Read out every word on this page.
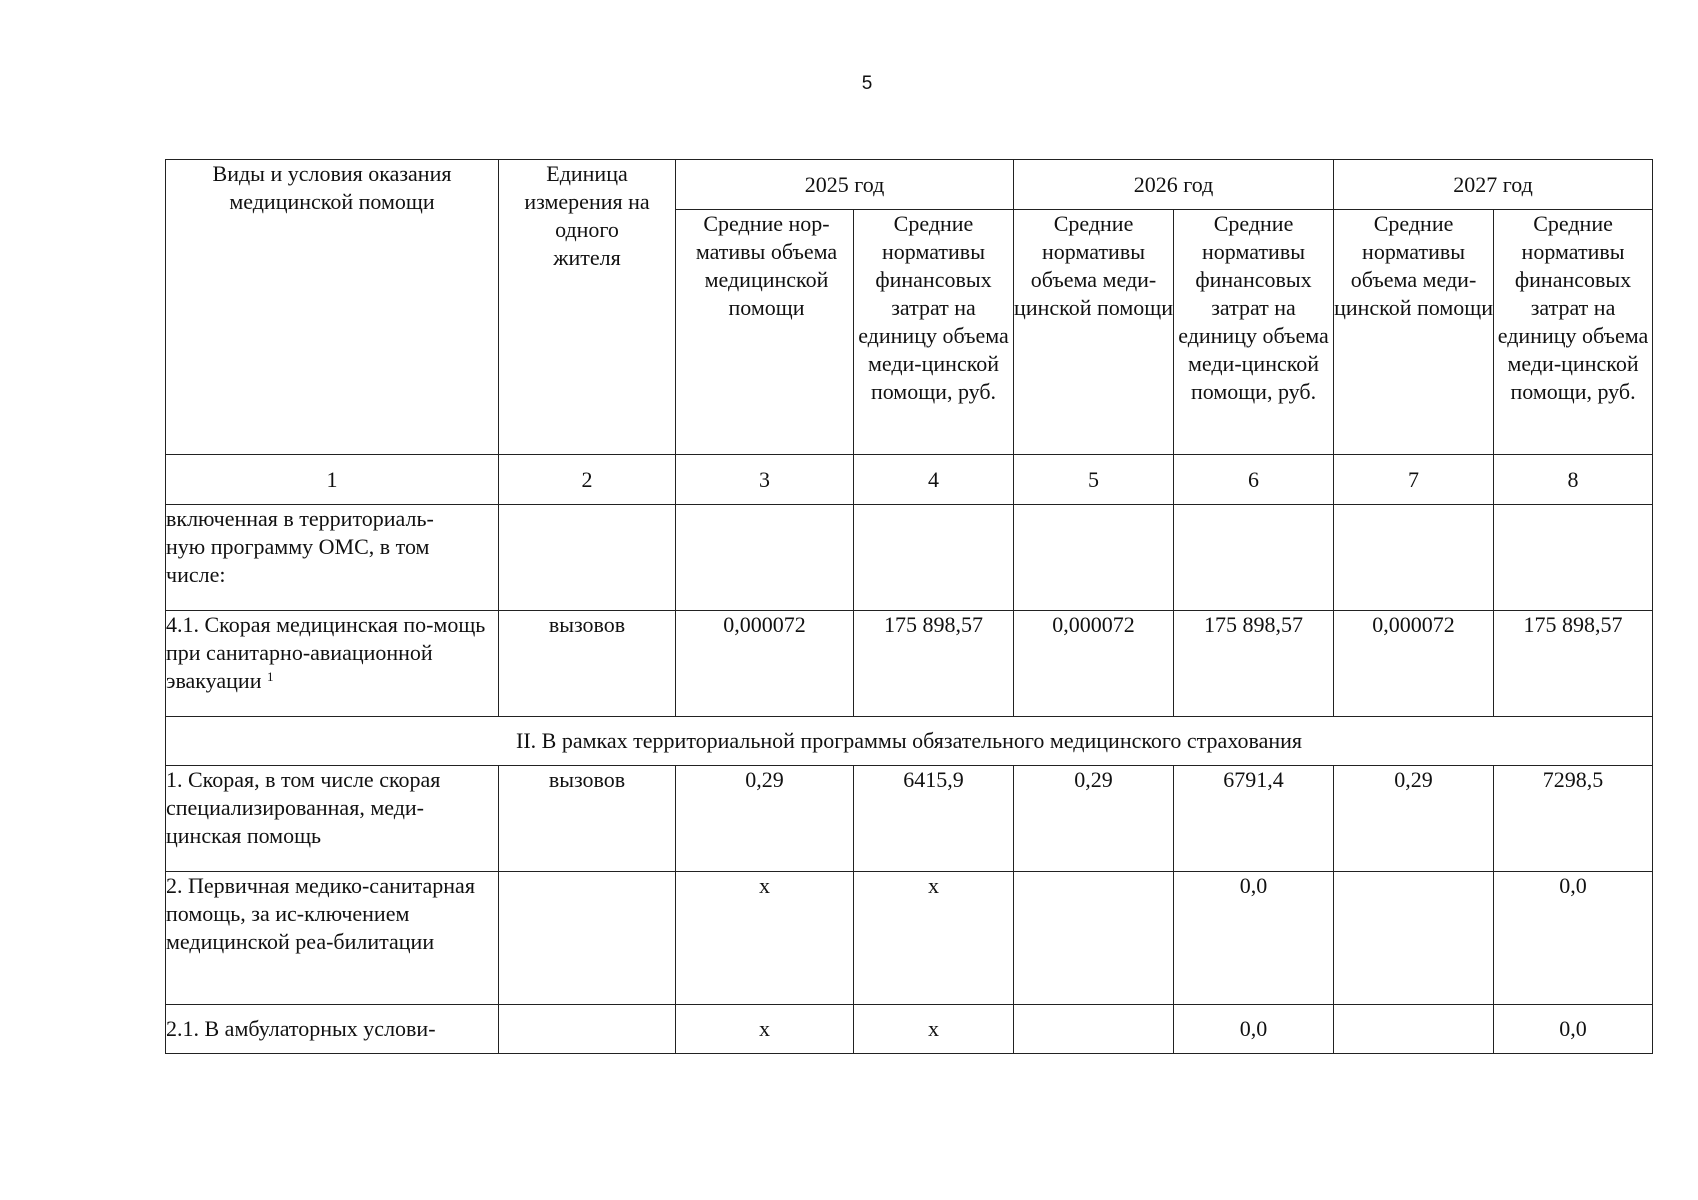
5
Виды и условия оказания медицинской помощи	Единица измерения на одного жителя	2025 год		2026 год		2027 год	
		Средние нор-мативы объема медицинской помощи	Средние нормативы финансовых затрат на единицу объема меди-цинской помощи, руб.	Средние нормативы объема меди-цинской помощи	Средние нормативы финансовых затрат на единицу объема меди-цинской помощи, руб.	Средние нормативы объема меди-цинской помощи	Средние нормативы финансовых затрат на единицу объема меди-цинской помощи, руб.
1	2	3	4	5	6	7	8
включенная в территориаль-ную программу ОМС, в том числе:							
4.1. Скорая медицинская по-мощь при санитарно-авиационной эвакуации $^1$	вызовов	0,000072	175 898,57	0,000072	175 898,57	0,000072	175 898,57
II. В рамках территориальной программы обязательного медицинского страхования							
1. Скорая, в том числе скорая специализированная, меди-цинская помощь	вызовов	0,29	6415,9	0,29	6791,4	0,29	7298,5
2. Первичная медико-санитарная помощь, за ис-ключением медицинской реа-билитации		х	х		0,0		0,0
2.1. В амбулаторных услови-		х	х		0,0		0,0
